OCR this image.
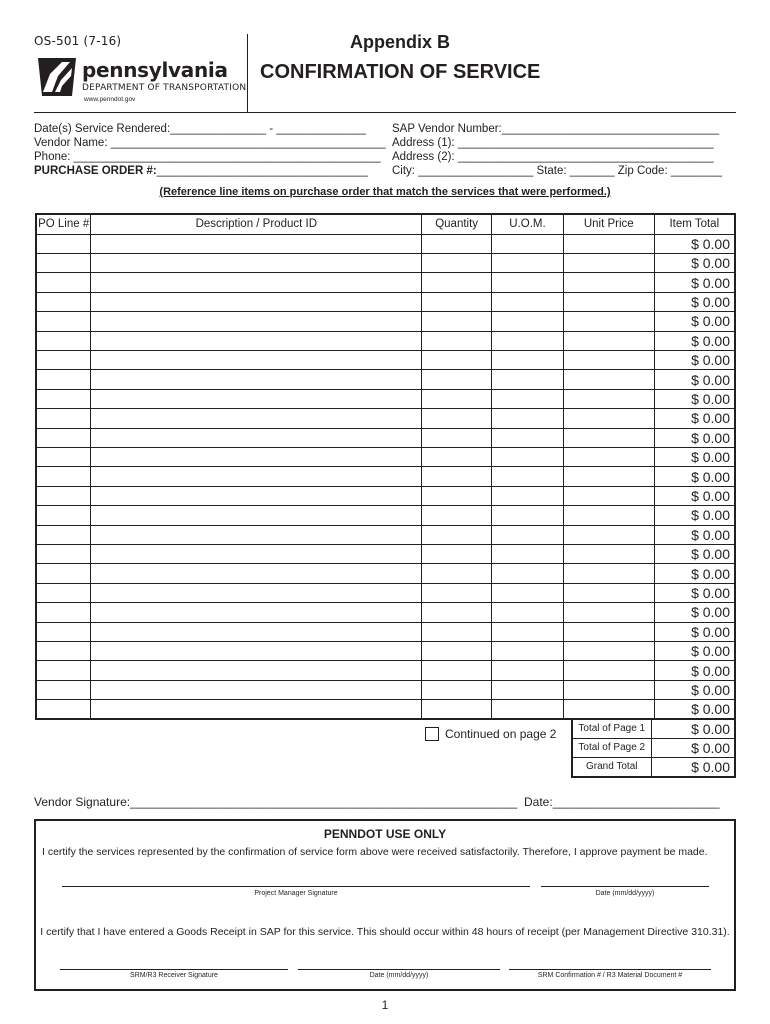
OS-501 (7-16)
pennsylvania
DEPARTMENT OF TRANSPORTATION
www.penndot.gov
Appendix B
CONFIRMATION OF SERVICE
Date(s) Service Rendered:_______________ - ______________
Vendor Name: ___________________________________________
Phone: ________________________________________________
PURCHASE ORDER #:_________________________________
SAP Vendor Number:__________________________________
Address (1): ________________________________________
Address (2): ________________________________________
City: __________________ State: _______ Zip Code: ________
(Reference line items on purchase order that match the services that were performed.)
PO Line #	Description / Product ID	Quantity	U.O.M.	Unit Price	Item Total
					$ 0.00
					$ 0.00
					$ 0.00
					$ 0.00
					$ 0.00
					$ 0.00
					$ 0.00
					$ 0.00
					$ 0.00
					$ 0.00
					$ 0.00
					$ 0.00
					$ 0.00
					$ 0.00
					$ 0.00
					$ 0.00
					$ 0.00
					$ 0.00
					$ 0.00
					$ 0.00
					$ 0.00
					$ 0.00
					$ 0.00
					$ 0.00
					$ 0.00
Continued on page 2 Total of Page 1	$ 0.00
Total of Page 2	$ 0.00
Grand Total	$ 0.00
Vendor Signature:__________________________________________________________ Date:_________________________
PENNDOT USE ONLY
I certify the services represented by the confirmation of service form above were received satisfactorily. Therefore, I approve payment be made.
Project Manager Signature	Date (mm/dd/yyyy)
I certify that I have entered a Goods Receipt in SAP for this service. This should occur within 48 hours of receipt (per Management Directive 310.31).
SRM/R3 Receiver Signature	Date (mm/dd/yyyy)	SRM Confirmation # / R3 Material Document #
1
